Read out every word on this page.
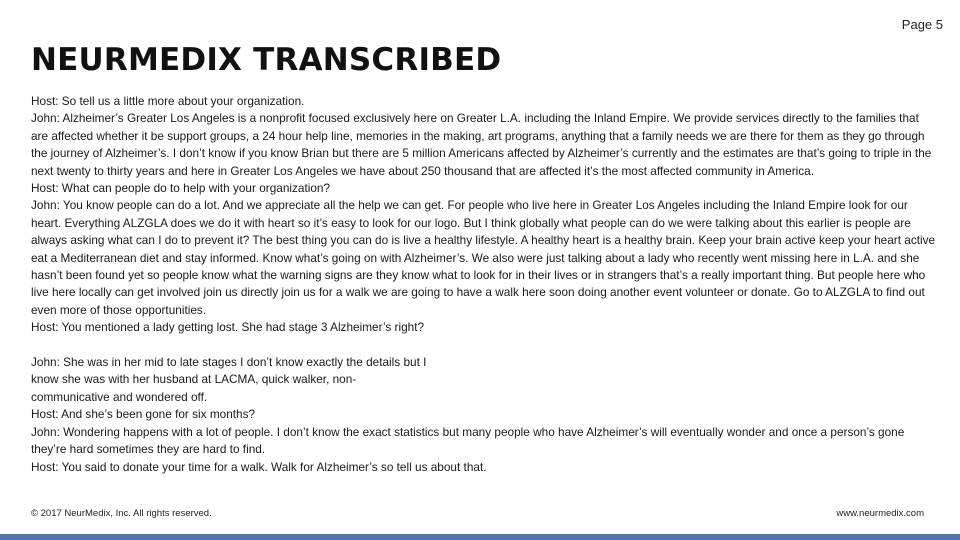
Page 5
NEURMEDIX TRANSCRIBED

Host: So tell us a little more about your organization.

John: Alzheimer’s Greater Los Angeles is a nonprofit focused exclusively here on Greater L.A. including the Inland Empire. We provide services directly to the families that are affected whether it be support groups, a 24 hour help line, memories in the making, art programs, anything that a family needs we are there for them as they go through the journey of Alzheimer’s. I don’t know if you know Brian but there are 5 million Americans affected by Alzheimer’s currently and the estimates are that’s going to triple in the next twenty to thirty years and here in Greater Los Angeles we have about 250 thousand that are affected it’s the most affected community in America.

Host: What can people do to help with your organization?

John: You know people can do a lot. And we appreciate all the help we can get. For people who live here in Greater Los Angeles including the Inland Empire look for our heart. Everything ALZGLA does we do it with heart so it’s easy to look for our logo. But I think globally what people can do we were talking about this earlier is people are always asking what can I do to prevent it? The best thing you can do is live a healthy lifestyle. A healthy heart is a healthy brain. Keep your brain active keep your heart active eat a Mediterranean diet and stay informed. Know what’s going on with Alzheimer’s. We also were just talking about a lady who recently went missing here in L.A. and she hasn’t been found yet so people know what the warning signs are they know what to look for in their lives or in strangers that’s a really important thing. But people here who live here locally can get involved join us directly join us for a walk we are going to have a walk here soon doing another event volunteer or donate. Go to ALZGLA to find out even more of those opportunities.

Host: You mentioned a lady getting lost. She had stage 3 Alzheimer’s right?

John: She was in her mid to late stages I don’t know exactly the details but I
know she was with her husband at LACMA, quick walker, non-
communicative and wondered off.

Host: And she’s been gone for six months?

John: Wondering happens with a lot of people. I don’t know the exact statistics but many people who have Alzheimer’s will eventually wonder and once a person’s gone they’re hard sometimes they are hard to find.

Host: You said to donate your time for a walk. Walk for Alzheimer’s so tell us about that.

© 2017 NeurMedix, Inc. All rights reserved.	www.neurmedix.com
